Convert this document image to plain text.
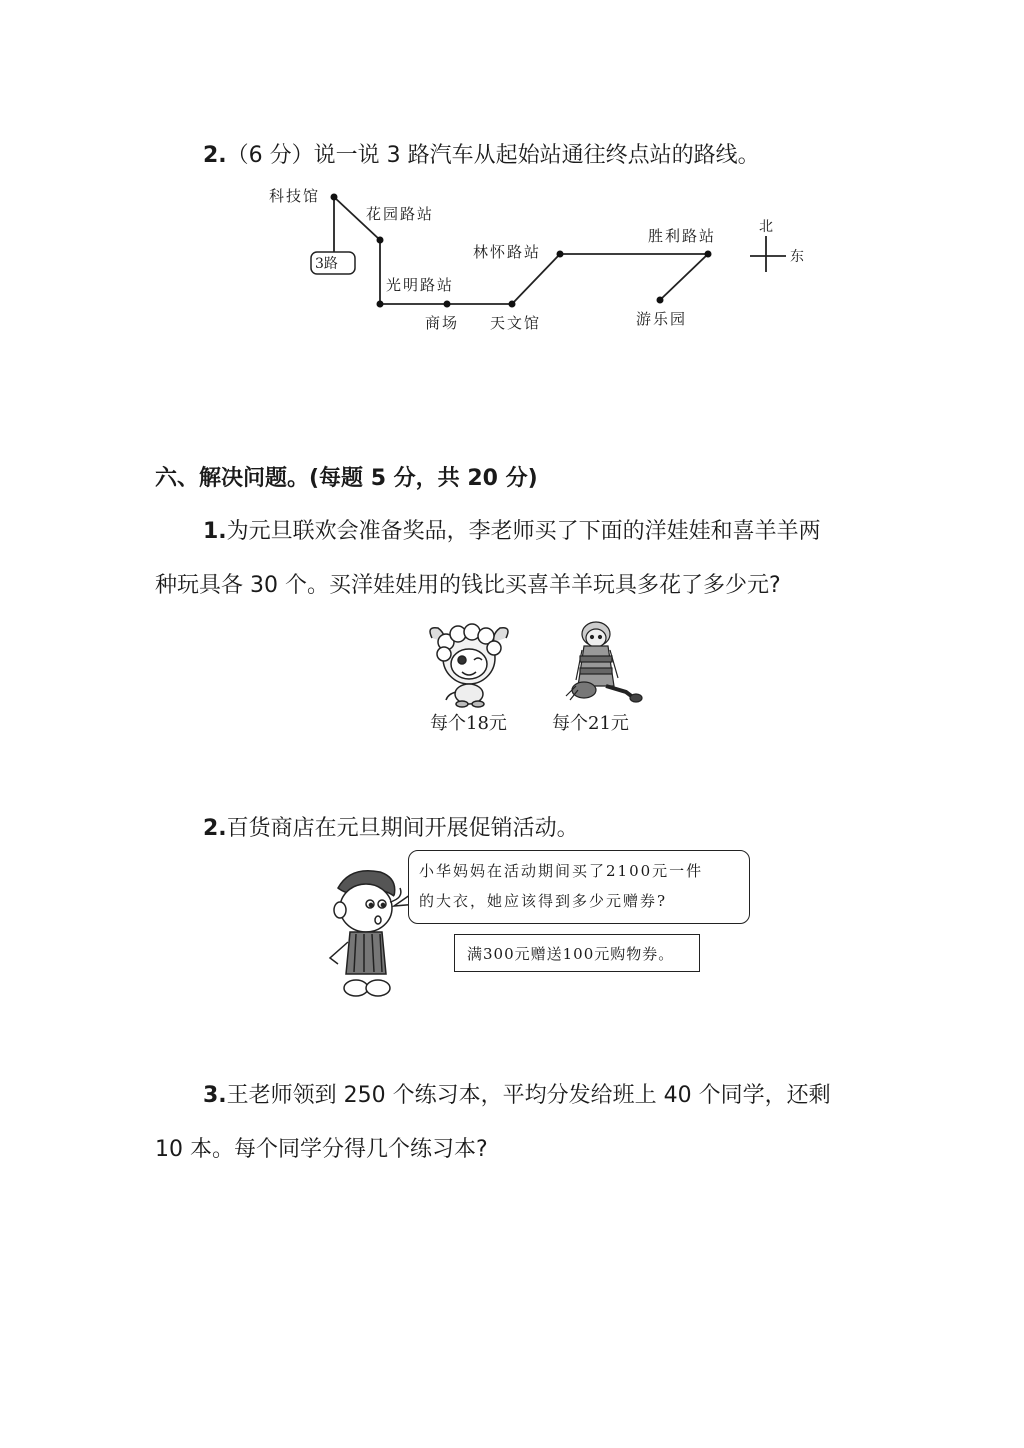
2.（6 分）说一说 3 路汽车从起始站通往终点站的路线。
3路
科技馆
花园路站
光明路站
商场 天文馆
林怀路站
胜利路站
游乐园
北
东
六、解决问题。(每题 5 分，共 20 分)
1.为元旦联欢会准备奖品，李老师买了下面的洋娃娃和喜羊羊两
种玩具各 30 个。买洋娃娃用的钱比买喜羊羊玩具多花了多少元?
每个18元	每个21元
2.百货商店在元旦期间开展促销活动。
小华妈妈在活动期间买了2100元一件
的大衣，她应该得到多少元赠券?
满300元赠送100元购物券。
3.王老师领到 250 个练习本，平均分发给班上 40 个同学，还剩
10 本。每个同学分得几个练习本?
